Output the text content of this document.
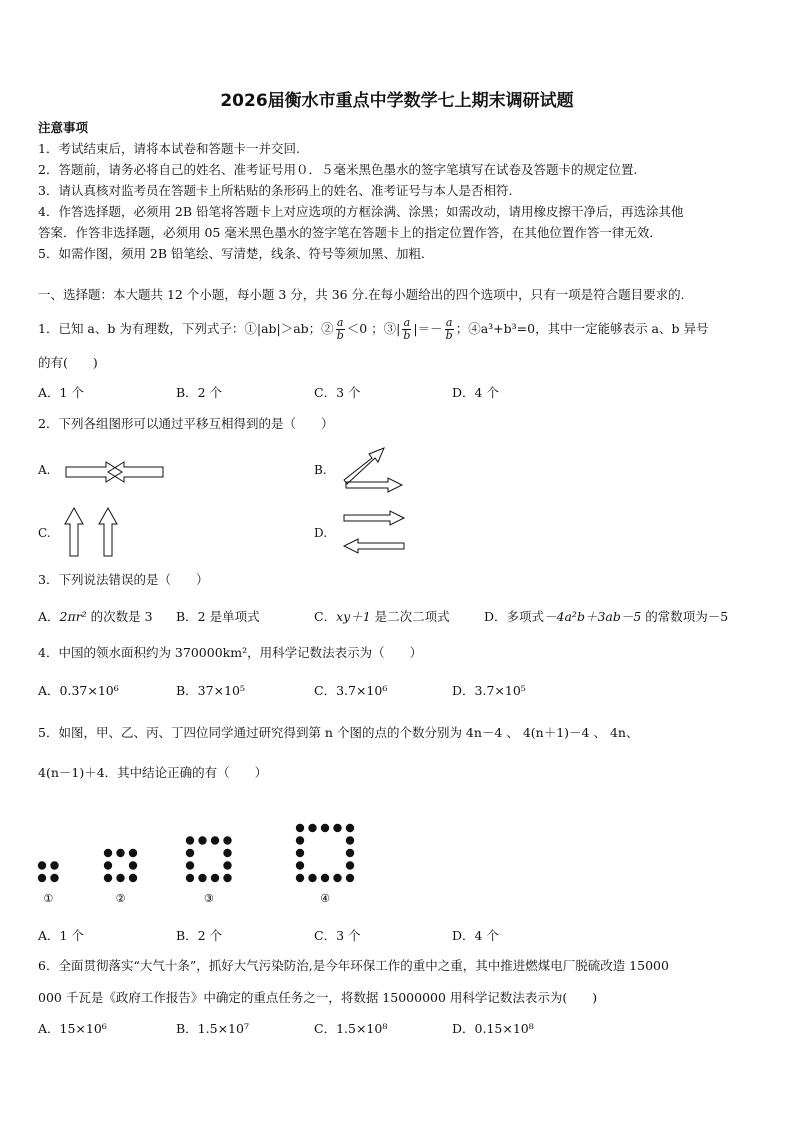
2026届衡水市重点中学数学七上期末调研试题
注意事项
1．考试结束后，请将本试卷和答题卡一并交回.
2．答题前，请务必将自己的姓名、准考证号用０．５毫米黑色墨水的签字笔填写在试卷及答题卡的规定位置.
3．请认真核对监考员在答题卡上所粘贴的条形码上的姓名、准考证号与本人是否相符.
4．作答选择题，必须用 2B 铅笔将答题卡上对应选项的方框涂满、涂黑；如需改动，请用橡皮擦干净后，再选涂其他
答案．作答非选择题，必须用 05 毫米黑色墨水的签字笔在答题卡上的指定位置作答，在其他位置作答一律无效．
5．如需作图，须用 2B 铅笔绘、写清楚，线条、符号等须加黑、加粗．
一、选择题：本大题共 12 个小题，每小题 3 分，共 36 分.在每小题给出的四个选项中，只有一项是符合题目要求的.
1．已知 a、b 为有理数，下列式子：①|ab|＞ab；② $\frac{a}{b} <0$ ；③| $\frac{a}{b}$ |＝－ $\frac{a}{b}$ ；④a³+b³=0，其中一定能够表示 a、b 异号
的有(　　)
A．1 个	B．2 个	C．3 个	D．4 个
2．下列各组图形可以通过平移互相得到的是（　　）
A.	B.
C.	D.
3．下列说法错误的是（　　）
A．2πr² 的次数是 3 B．2 是单项式	C．xy＋1 是二次二项式	D．多项式－4a²b＋3ab－5 的常数项为－5
4．中国的领水面积约为 370000km²，用科学记数法表示为（　　）
A．0.37×10⁶	B．37×10⁵	C．3.7×10⁶	D．3.7×10⁵
5．如图，甲、乙、丙、丁四位同学通过研究得到第 n 个图的点的个数分别为 4n－4 、 4(n＋1)－4 、 4n、
4(n－1)＋4．其中结论正确的有（　　）
①	②	③	④
A．1 个	B．2 个	C．3 个	D．4 个
6．全面贯彻落实“大气十条”，抓好大气污染防治,是今年环保工作的重中之重，其中推进燃煤电厂脱硫改造 15000
000 千瓦是《政府工作报告》中确定的重点任务之一，将数据 15000000 用科学记数法表示为(　　)
A．15×10⁶	B．1.5×10⁷	C．1.5×10⁸	D．0.15×10⁸
